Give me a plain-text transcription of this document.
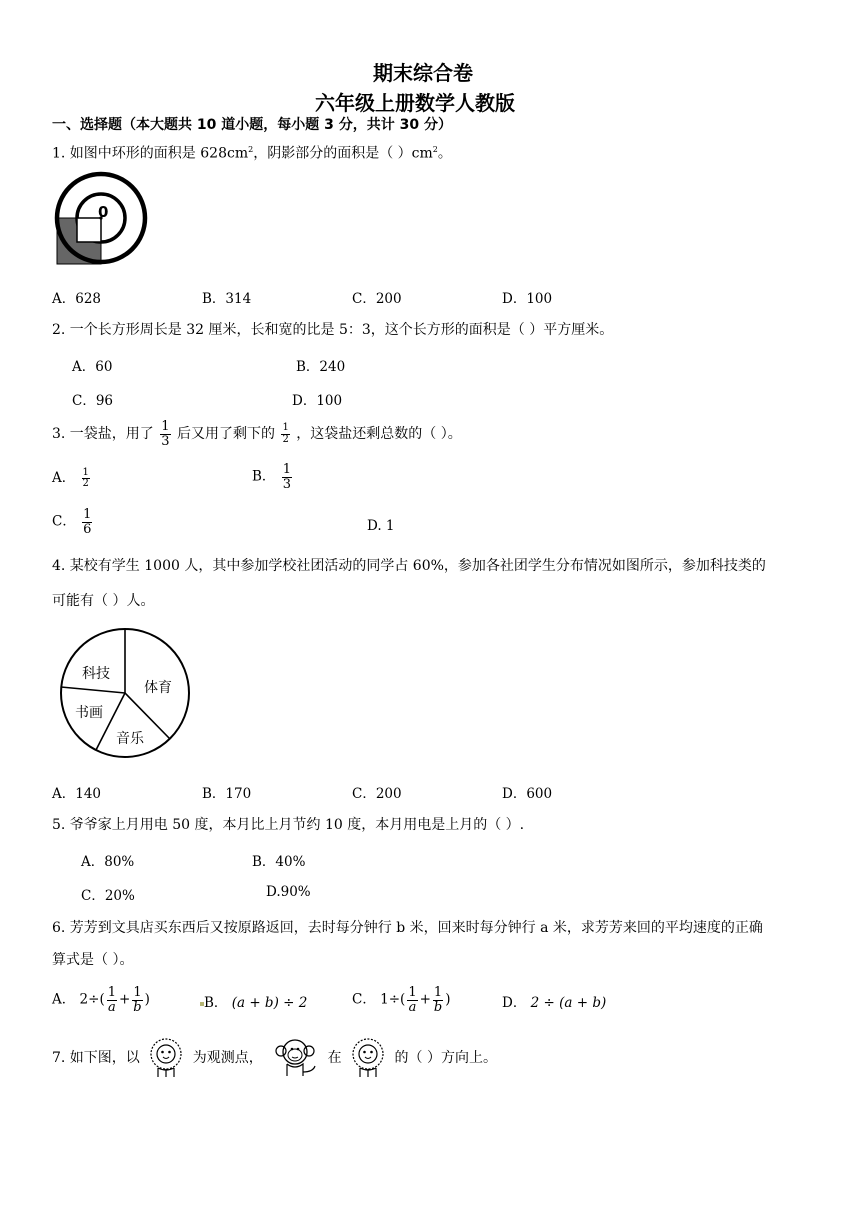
期末综合卷
六年级上册数学人教版
一、选择题（本大题共 10 道小题，每小题 3 分，共计 30 分）
1. 如图中环形的面积是 $628cm^2$，阴影部分的面积是（ ）$cm^2$。
0
A．628	B．314	C．200	D．100
2. 一个长方形周长是 32 厘米，长和宽的比是 5：3，这个长方形的面积是（ ）平方厘米。
A．60	B．240
C．96	D．100
3. 一袋盐，用了 $\frac{1}{3}$ 后又用了剩下的 $\frac{1}{2}$ ，这袋盐还剩总数的（ ）。
A． $\frac{1}{2}$	B． $\frac{1}{3}$
C． $\frac{1}{6}$	D. 1
4. 某校有学生 1000 人，其中参加学校社团活动的同学占 60%，参加各社团学生分布情况如图所示，参加科技类的
可能有（ ）人。
科技
体育
书画
音乐
A．140	B．170	C．200	D．600
5. 爷爷家上月用电 50 度，本月比上月节约 10 度，本月用电是上月的（ ）.
A．80%	B．40%
C．20%	D.90%
6. 芳芳到文具店买东西后又按原路返回，去时每分钟行 b 米，回来时每分钟行 a 米，求芳芳来回的平均速度的正确
算式是（ ）。
A． $2\div( \frac{1}{a} + \frac{1}{b}$ )	B． (a + b) ÷ 2	C． $1\div( \frac{1}{a} + \frac{1}{b}$ )	D． 2 ÷ (a + b)
7. 如下图，以	为观测点，	在	的（ ）方向上。
